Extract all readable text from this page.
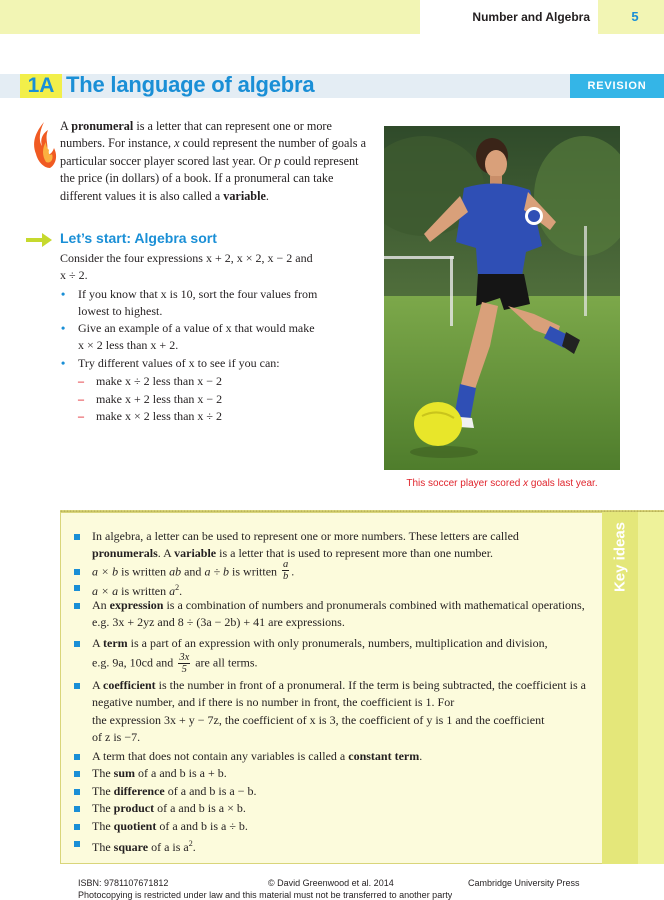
Number and Algebra	5
1A The language of algebra	REVISION

A pronumeral is a letter that can represent one or more numbers. For instance, x could represent the number of goals a particular soccer player scored last year. Or p could represent the price (in dollars) of a book. If a pronumeral can take different values it is also called a variable.

Let’s start: Algebra sort

Consider the four expressions x + 2, x × 2, x − 2 and x ÷ 2.

• If you know that x is 10, sort the four values from lowest to highest.
• Give an example of a value of x that would make x × 2 less than x + 2.
• Try different values of x to see if you can:
– make x ÷ 2 less than x − 2
– make x + 2 less than x − 2
– make x × 2 less than x ÷ 2

This soccer player scored x goals last year.

Key ideas
In algebra, a letter can be used to represent one or more numbers. These letters are called pronumerals. A variable is a letter that is used to represent more than one number.
a × b is written ab and a ÷ b is written $\frac{a}{b}$ .
a × a is written $a^2$.
An expression is a combination of numbers and pronumerals combined with mathematical operations, e.g. 3x + 2yz and 8 ÷ (3a − 2b) + 41 are expressions.
A term is a part of an expression with only pronumerals, numbers, multiplication and division,
e.g. 9a, 10cd and $\frac{3x}{5}$ are all terms.
A coefficient is the number in front of a pronumeral. If the term is being subtracted, the coefficient is a negative number, and if there is no number in front, the coefficient is 1. For
the expression 3x + y − 7z, the coefficient of x is 3, the coefficient of y is 1 and the coefficient
of z is −7.
A term that does not contain any variables is called a constant term.
The sum of a and b is a + b.
The difference of a and b is a − b.
The product of a and b is a × b.
The quotient of a and b is a ÷ b.
The square of a is $a^2$.
ISBN: 9781107671812	© David Greenwood et al. 2014	Cambridge University Press
Photocopying is restricted under law and this material must not be transferred to another party
